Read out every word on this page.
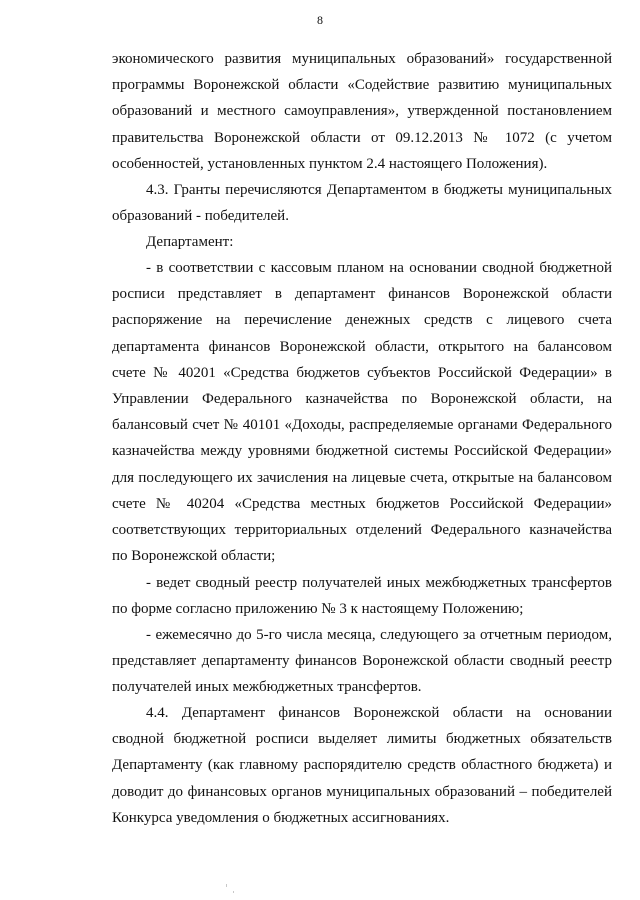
8
экономического развития муниципальных образований» государственной
программы Воронежской области «Содействие развитию муниципальных
образований и местного самоуправления», утвержденной постановлением
правительства Воронежской области от 09.12.2013 № 1072 (с учетом
особенностей, установленных пунктом 2.4 настоящего Положения).
4.3. Гранты перечисляются Департаментом в бюджеты муниципальных
образований - победителей.
Департамент:
- в соответствии с кассовым планом на основании сводной бюджетной
росписи представляет в департамент финансов Воронежской области
распоряжение на перечисление денежных средств с лицевого счета
департамента финансов Воронежской области, открытого на балансовом
счете № 40201 «Средства бюджетов субъектов Российской Федерации» в
Управлении Федерального казначейства по Воронежской области, на
балансовый счет № 40101 «Доходы, распределяемые органами Федерального
казначейства между уровнями бюджетной системы Российской Федерации»
для последующего их зачисления на лицевые счета, открытые на балансовом
счете № 40204 «Средства местных бюджетов Российской Федерации»
соответствующих территориальных отделений Федерального казначейства
по Воронежской области;
- ведет сводный реестр получателей иных межбюджетных трансфертов
по форме согласно приложению № 3 к настоящему Положению;
- ежемесячно до 5-го числа месяца, следующего за отчетным периодом,
представляет департаменту финансов Воронежской области сводный реестр
получателей иных межбюджетных трансфертов.
4.4. Департамент финансов Воронежской области на основании
сводной бюджетной росписи выделяет лимиты бюджетных обязательств
Департаменту (как главному распорядителю средств областного бюджета) и
доводит до финансовых органов муниципальных образований – победителей
Конкурса уведомления о бюджетных ассигнованиях.
